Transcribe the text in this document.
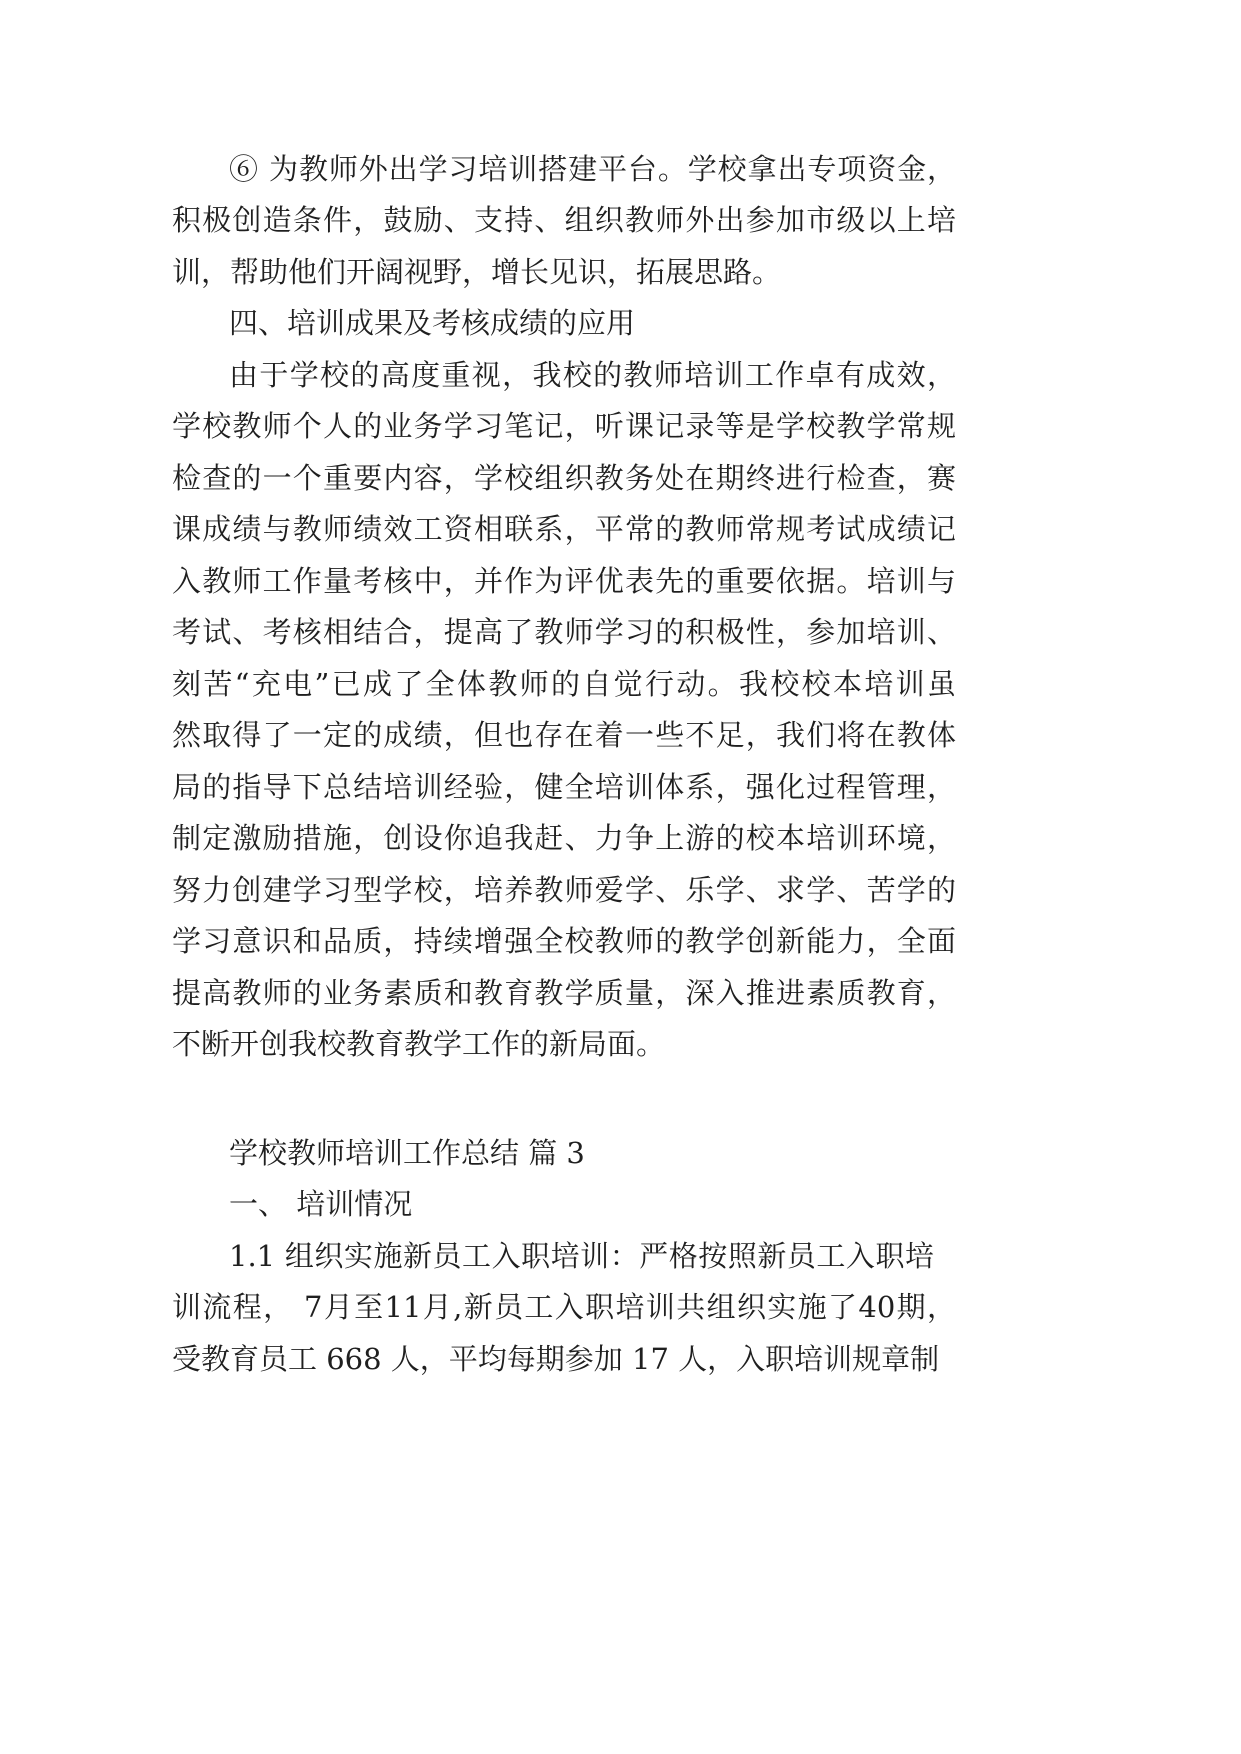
⑥ 为教师外出学习培训搭建平台。学校拿出专项资金，
积极创造条件，鼓励、支持、组织教师外出参加市级以上培
训，帮助他们开阔视野，增长见识，拓展思路。
四、培训成果及考核成绩的应用
由于学校的高度重视，我校的教师培训工作卓有成效，
学校教师个人的业务学习笔记，听课记录等是学校教学常规
检查的一个重要内容，学校组织教务处在期终进行检查，赛
课成绩与教师绩效工资相联系，平常的教师常规考试成绩记
入教师工作量考核中，并作为评优表先的重要依据。培训与
考试、考核相结合，提高了教师学习的积极性，参加培训、
刻苦“充电”已成了全体教师的自觉行动。我校校本培训虽
然取得了一定的成绩，但也存在着一些不足，我们将在教体
局的指导下总结培训经验，健全培训体系，强化过程管理，
制定激励措施，创设你追我赶、力争上游的校本培训环境，
努力创建学习型学校，培养教师爱学、乐学、求学、苦学的
学习意识和品质，持续增强全校教师的教学创新能力，全面
提高教师的业务素质和教育教学质量，深入推进素质教育，
不断开创我校教育教学工作的新局面。
学校教师培训工作总结 篇 3
一、 培训情况
1.1 组织实施新员工入职培训：严格按照新员工入职培
训流程， 7月至11月,新员工入职培训共组织实施了40期，
受教育员工 668 人，平均每期参加 17 人，入职培训规章制
